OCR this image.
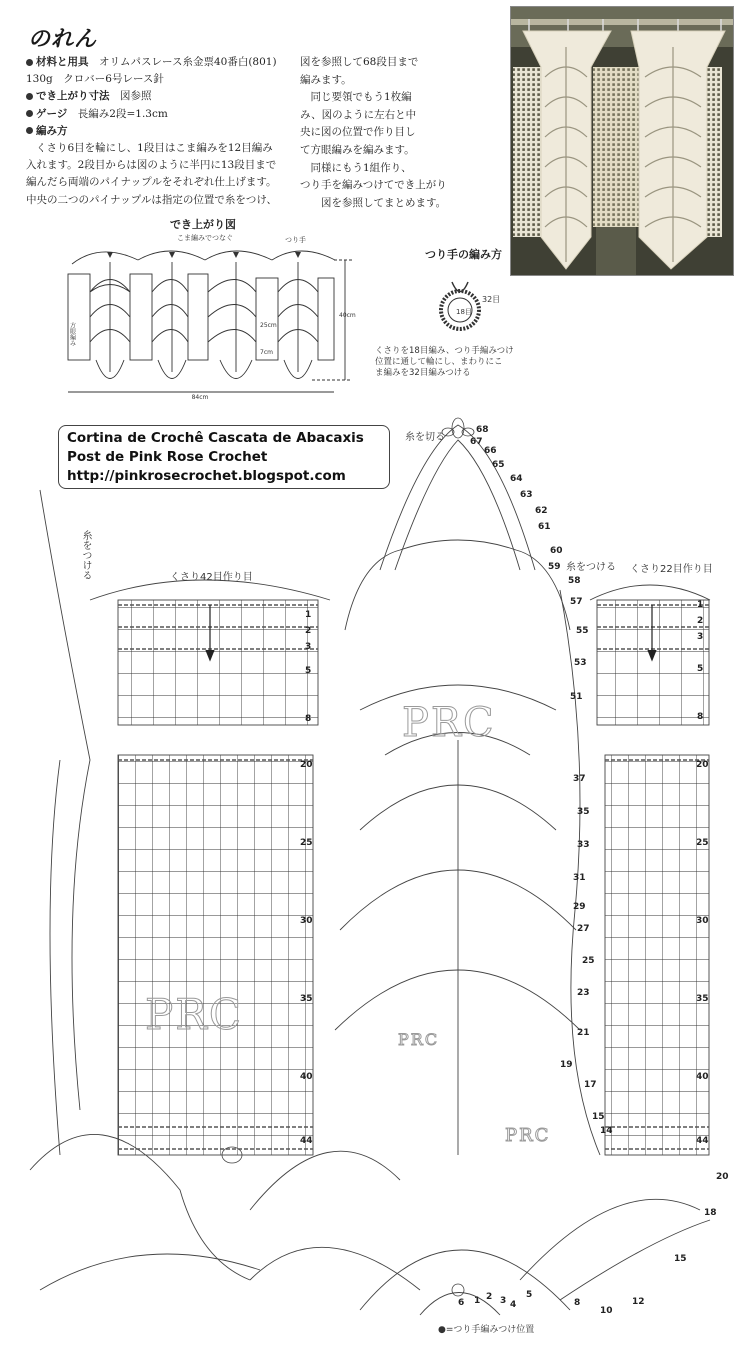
のれん
材料と用具　 オリムパスレース糸金票40番白(801)
130g　クロバー6号レース針
でき上がり寸法　 図参照
ゲージ　 長編み2段=1.3cm
編み方
くさり6目を輪にし、1段目はこま編みを12目編み
入れます。2段目からは図のように半円に13段目まで
編んだら両端のパイナップルをそれぞれ仕上げます。
中央の二つのパイナップルは指定の位置で糸をつけ、
図を参照して68段目まで
編みます。
　同じ要領でもう1枚編
み、図のように左右と中
央に図の位置で作り目し
て方眼編みを編みます。
　同様にもう1組作り、
つり手を編みつけてでき上がり
　　図を参照してまとめます。
でき上がり図
こま編みでつなぐ	つり手
方眼編み	25cm
7cm
40cm
84cm
つり手の編み方
32目
18目
くさりを18目編み、つり手編みつけ
位置に通して輪にし、まわりにこ
ま編みを32目編みつける
Cortina de Crochê Cascata de Abacaxis
Post de Pink Rose Crochet
http://pinkrosecrochet.blogspot.com
糸を切る
糸をつける	くさり42目作り目
糸をつける くさり22目作り目
●=つり手編みつけ位置
68
67
66
65
64
63
62
61
60
59
58
57
55
53
51
1
2
3
5
8
1
2
3
5
8
20
25
30
35
40
44
20
25
30
35
40
44
37
35
33
31
29
27
25
23
21
19
17
15
14
6 1 2 3 4
5
8
10
12
15
18
20
PRC
PRC
PRC
PRC
